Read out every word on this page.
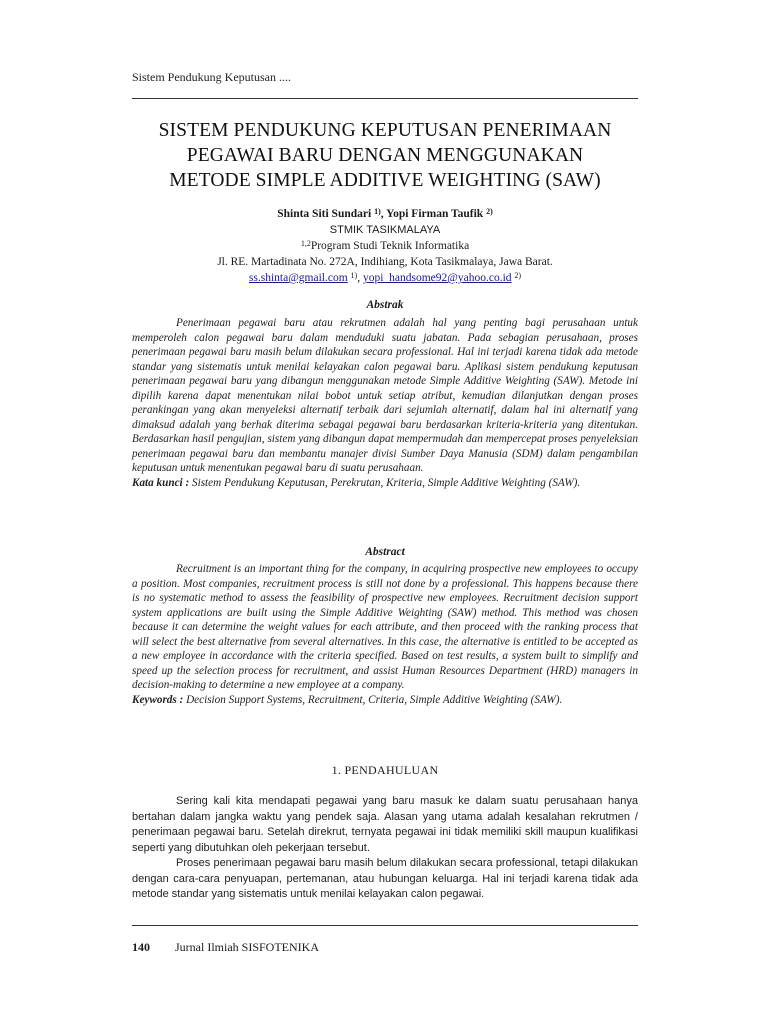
Sistem Pendukung Keputusan ....
SISTEM PENDUKUNG KEPUTUSAN PENERIMAAN
PEGAWAI BARU DENGAN MENGGUNAKAN
METODE SIMPLE ADDITIVE WEIGHTING (SAW)
Shinta Siti Sundari $^{1)}$, Yopi Firman Taufik $^{2)}$
STMIK TASIKMALAYA
$^{1,2}$Program Studi Teknik Informatika
Jl. RE. Martadinata No. 272A, Indihiang, Kota Tasikmalaya, Jawa Barat.
ss.shinta@gmail.com $^{1)}$, yopi_handsome92@yahoo.co.id $^{2)}$
Abstrak

Penerimaan pegawai baru atau rekrutmen adalah hal yang penting bagi perusahaan untuk memperoleh calon pegawai baru dalam menduduki suatu jabatan. Pada sebagian perusahaan, proses penerimaan pegawai baru masih belum dilakukan secara professional. Hal ini terjadi karena tidak ada metode standar yang sistematis untuk menilai kelayakan calon pegawai baru. Aplikasi sistem pendukung keputusan penerimaan pegawai baru yang dibangun menggunakan metode Simple Additive Weighting (SAW). Metode ini dipilih karena dapat menentukan nilai bobot untuk setiap atribut, kemudian dilanjutkan dengan proses perankingan yang akan menyeleksi alternatif terbaik dari sejumlah alternatif, dalam hal ini alternatif yang dimaksud adalah yang berhak diterima sebagai pegawai baru berdasarkan kriteria-kriteria yang ditentukan. Berdasarkan hasil pengujian, sistem yang dibangun dapat mempermudah dan mempercepat proses penyeleksian penerimaan pegawai baru dan membantu manajer divisi Sumber Daya Manusia (SDM) dalam pengambilan keputusan untuk menentukan pegawai baru di suatu perusahaan.

Kata kunci : Sistem Pendukung Keputusan, Perekrutan, Kriteria, Simple Additive Weighting (SAW).

Abstract

Recruitment is an important thing for the company, in acquiring prospective new employees to occupy a position. Most companies, recruitment process is still not done by a professional. This happens because there is no systematic method to assess the feasibility of prospective new employees. Recruitment decision support system applications are built using the Simple Additive Weighting (SAW) method. This method was chosen because it can determine the weight values for each attribute, and then proceed with the ranking process that will select the best alternative from several alternatives. In this case, the alternative is entitled to be accepted as a new employee in accordance with the criteria specified. Based on test results, a system built to simplify and speed up the selection process for recruitment, and assist Human Resources Department (HRD) managers in decision-making to determine a new employee at a company.

Keywords : Decision Support Systems, Recruitment, Criteria, Simple Additive Weighting (SAW).

1. PENDAHULUAN

Sering kali kita mendapati pegawai yang baru masuk ke dalam suatu perusahaan hanya bertahan dalam jangka waktu yang pendek saja. Alasan yang utama adalah kesalahan rekrutmen / penerimaan pegawai baru. Setelah direkrut, ternyata pegawai ini tidak memiliki skill maupun kualifikasi seperti yang dibutuhkan oleh pekerjaan tersebut.

Proses penerimaan pegawai baru masih belum dilakukan secara professional, tetapi dilakukan dengan cara-cara penyuapan, pertemanan, atau hubungan keluarga. Hal ini terjadi karena tidak ada metode standar yang sistematis untuk menilai kelayakan calon pegawai.

140 Jurnal Ilmiah SISFOTENIKA
